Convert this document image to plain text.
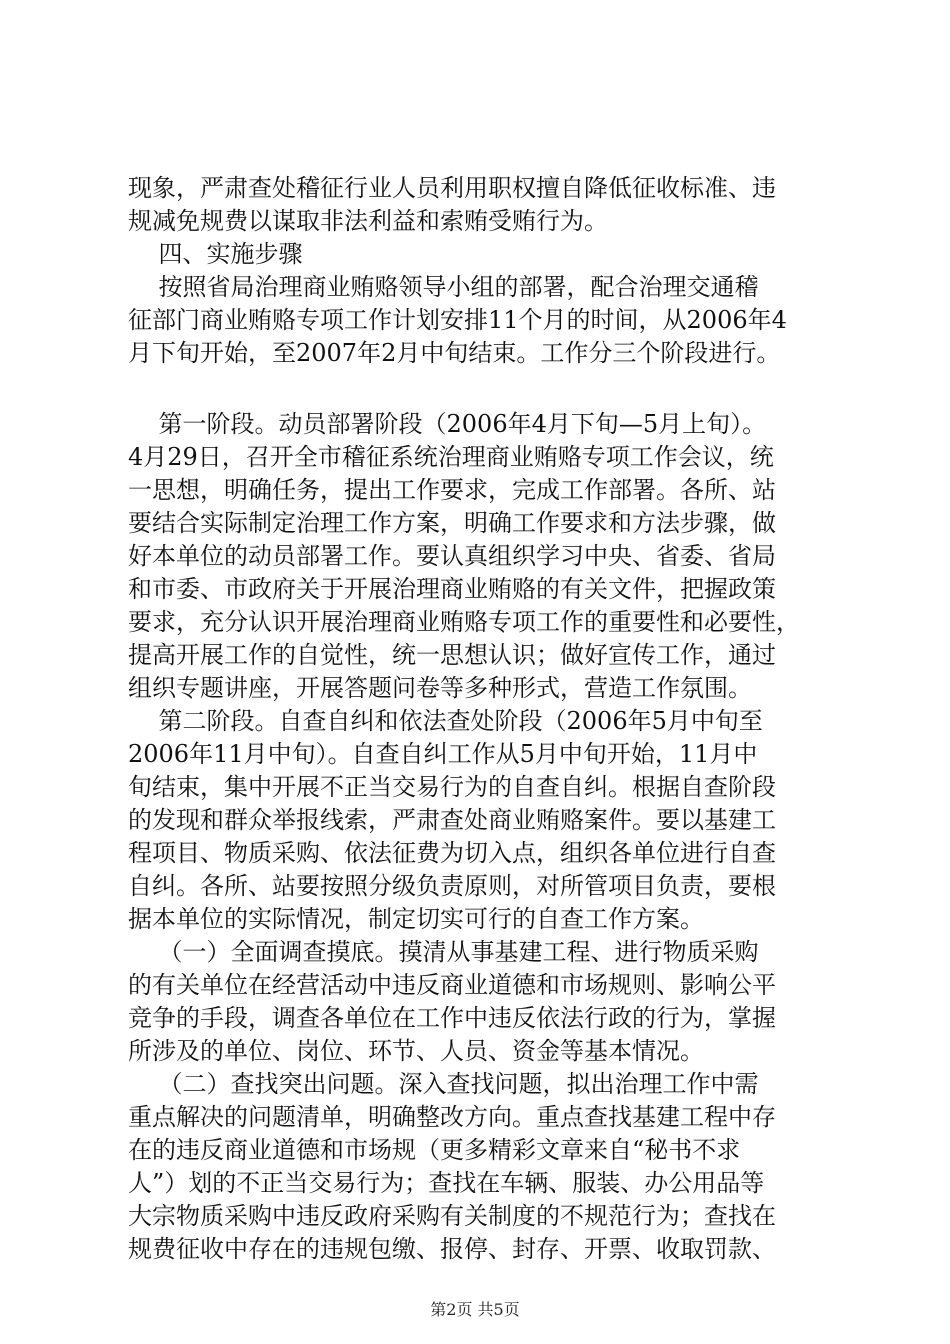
现象，严肃查处稽征行业人员利用职权擅自降低征收标准、违
规减免规费以谋取非法利益和索贿受贿行为。
四、实施步骤
按照省局治理商业贿赂领导小组的部署，配合治理交通稽
征部门商业贿赂专项工作计划安排11个月的时间，从2006年4
月下旬开始，至2007年2月中旬结束。工作分三个阶段进行。
第一阶段。动员部署阶段（2006年4月下旬—5月上旬）。
4月29日，召开全市稽征系统治理商业贿赂专项工作会议，统
一思想，明确任务，提出工作要求，完成工作部署。各所、站
要结合实际制定治理工作方案，明确工作要求和方法步骤，做
好本单位的动员部署工作。要认真组织学习中央、省委、省局
和市委、市政府关于开展治理商业贿赂的有关文件，把握政策
要求，充分认识开展治理商业贿赂专项工作的重要性和必要性，
提高开展工作的自觉性，统一思想认识；做好宣传工作，通过
组织专题讲座，开展答题问卷等多种形式，营造工作氛围。
第二阶段。自查自纠和依法查处阶段（2006年5月中旬至
2006年11月中旬）。自查自纠工作从5月中旬开始，11月中
旬结束，集中开展不正当交易行为的自查自纠。根据自查阶段
的发现和群众举报线索，严肃查处商业贿赂案件。要以基建工
程项目、物质采购、依法征费为切入点，组织各单位进行自查
自纠。各所、站要按照分级负责原则，对所管项目负责，要根
据本单位的实际情况，制定切实可行的自查工作方案。
（一）全面调查摸底。摸清从事基建工程、进行物质采购
的有关单位在经营活动中违反商业道德和市场规则、影响公平
竞争的手段，调查各单位在工作中违反依法行政的行为，掌握
所涉及的单位、岗位、环节、人员、资金等基本情况。
（二）查找突出问题。深入查找问题，拟出治理工作中需
重点解决的问题清单，明确整改方向。重点查找基建工程中存
在的违反商业道德和市场规（更多精彩文章来自“秘书不求
人”）划的不正当交易行为；查找在车辆、服装、办公用品等
大宗物质采购中违反政府采购有关制度的不规范行为；查找在
规费征收中存在的违规包缴、报停、封存、开票、收取罚款、
第2页 共5页
